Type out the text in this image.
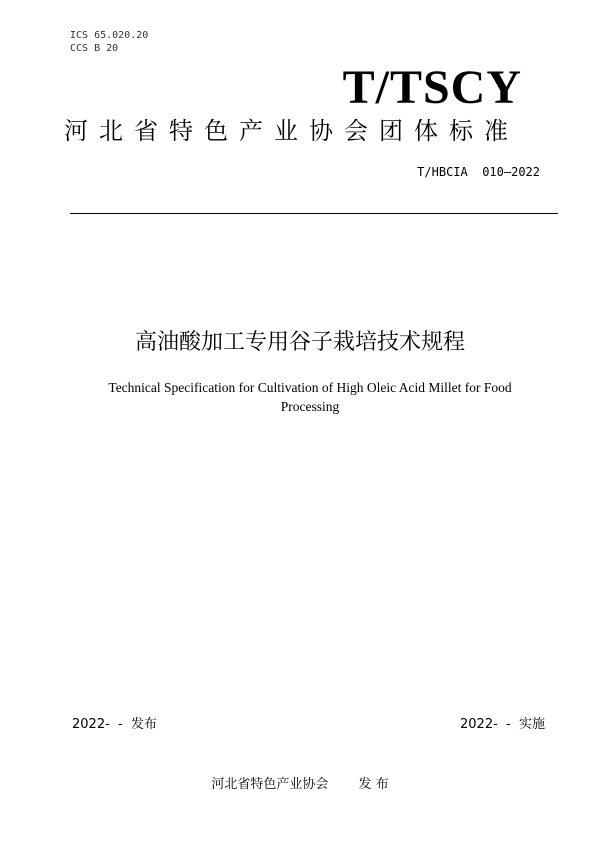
ICS 65.020.20
CCS B 20
T/TSCY
河北省特色产业协会团体标准
T/HBCIA  010—2022
高油酸加工专用谷子栽培技术规程
Technical Specification for Cultivation of High Oleic Acid Millet for Food Processing
2022-  -  发布	2022-  -  实施
河北省特色产业协会 发 布
